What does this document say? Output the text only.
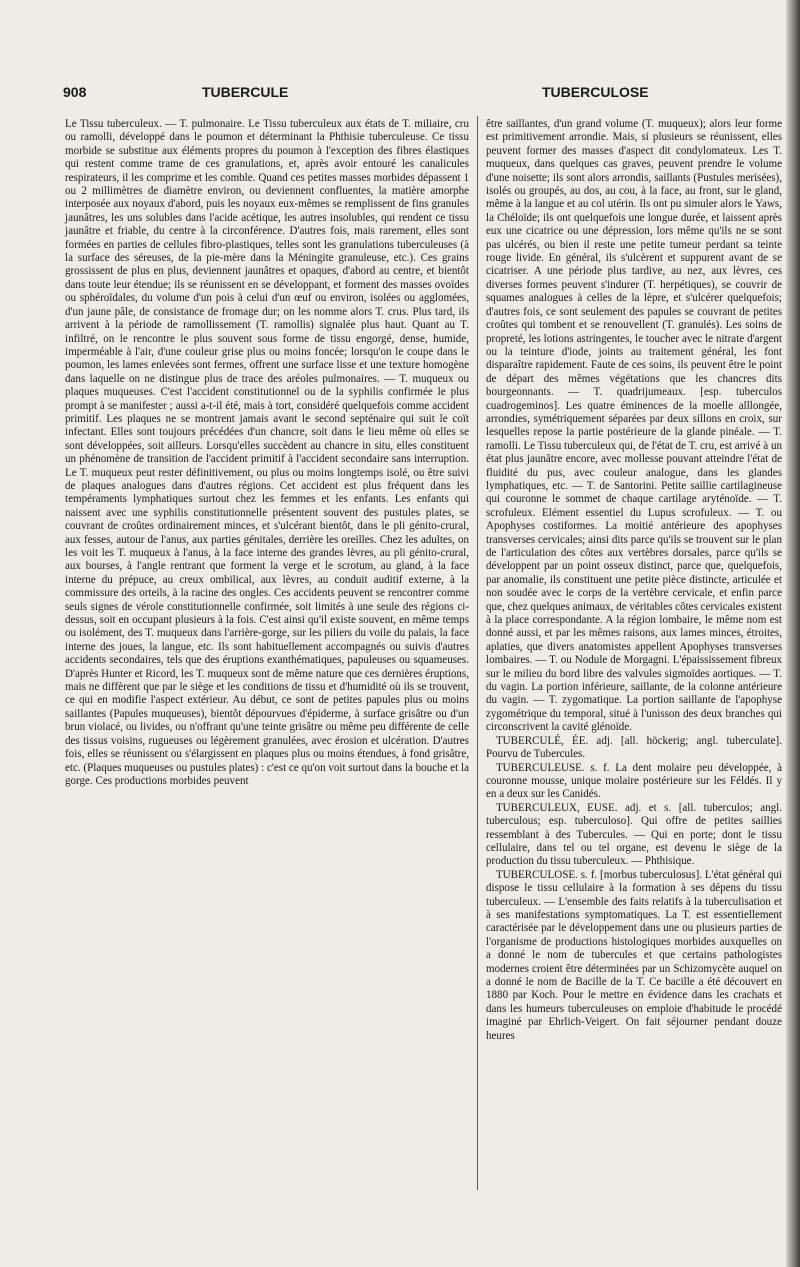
908	TUBERCULE	TUBERCULOSE

Le Tissu tuberculeux. — T. pulmonaire. Le Tissu tuberculeux aux états de T. miliaire, cru ou ramolli, développé dans le poumon et déterminant la Phthisie tuberculeuse. Ce tissu morbide se substitue aux éléments propres du poumon à l'exception des fibres élastiques qui restent comme trame de ces granulations, et, après avoir entouré les canalicules respirateurs, il les comprime et les comble. Quand ces petites masses morbides dépassent 1 ou 2 millimètres de diamètre environ, ou deviennent confluentes, la matière amorphe interposée aux noyaux d'abord, puis les noyaux eux-mêmes se remplissent de fins granules jaunâtres, les uns solubles dans l'acide acétique, les autres insolubles, qui rendent ce tissu jaunâtre et friable, du centre à la circonférence. D'autres fois, mais rarement, elles sont formées en parties de cellules fibro-plastiques, telles sont les granulations tuberculeuses (à la surface des séreuses, de la pie-mère dans la Méningite granuleuse, etc.). Ces grains grossissent de plus en plus, deviennent jaunâtres et opaques, d'abord au centre, et bientôt dans toute leur étendue; ils se réunissent en se développant, et forment des masses ovoïdes ou sphéroïdales, du volume d'un pois à celui d'un œuf ou environ, isolées ou agglomées, d'un jaune pâle, de consistance de fromage dur; on les nomme alors T. crus. Plus tard, ils arrivent à la période de ramollissement (T. ramollis) signalée plus haut. Quant au T. infiltré, on le rencontre le plus souvent sous forme de tissu engorgé, dense, humide, imperméable à l'air, d'une couleur grise plus ou moins foncée; lorsqu'on le coupe dans le poumon, les lames enlevées sont fermes, offrent une surface lisse et une texture homogène dans laquelle on ne distingue plus de trace des aréoles pulmonaires. — T. muqueux ou plaques muqueuses. C'est l'accident constitutionnel ou de la syphilis confirmée le plus prompt à se manifester ; aussi a-t-il été, mais à tort, considéré quelquefois comme accident primitif. Les plaques ne se montrent jamais avant le second septénaire qui suit le coït infectant. Elles sont toujours précédées d'un chancre, soit dans le lieu même où elles se sont développées, soit ailleurs. Lorsqu'elles succèdent au chancre in situ, elles constituent un phénomène de transition de l'accident primitif à l'accident secondaire sans interruption. Le T. muqueux peut rester définitivement, ou plus ou moins longtemps isolé, ou être suivi de plaques analogues dans d'autres régions. Cet accident est plus fréquent dans les tempéraments lymphatiques surtout chez les femmes et les enfants. Les enfants qui naissent avec une syphilis constitutionnelle présentent souvent des pustules plates, se couvrant de croûtes ordinairement minces, et s'ulcérant bientôt, dans le pli génito-crural, aux fesses, autour de l'anus, aux parties génitales, derrière les oreilles. Chez les adultes, on les voit les T. muqueux à l'anus, à la face interne des grandes lèvres, au pli génito-crural, aux bourses, à l'angle rentrant que forment la verge et le scrotum, au gland, à la face interne du prépuce, au creux ombilical, aux lèvres, au conduit auditif externe, à la commissure des orteils, à la racine des ongles. Ces accidents peuvent se rencontrer comme seuls signes de vérole constitutionnelle confirmée, soit limités à une seule des régions ci-dessus, soit en occupant plusieurs à la fois. C'est ainsi qu'il existe souvent, en même temps ou isolément, des T. muqueux dans l'arrière-gorge, sur les piliers du voile du palais, la face interne des joues, la langue, etc. Ils sont habituellement accompagnés ou suivis d'autres accidents secondaires, tels que des éruptions exanthématiques, papuleuses ou squameuses. D'après Hunter et Ricord, les T. muqueux sont de même nature que ces dernières éruptions, mais ne diffèrent que par le siège et les conditions de tissu et d'humidité où ils se trouvent, ce qui en modifie l'aspect extérieur. Au début, ce sont de petites papules plus ou moins saillantes (Papules muqueuses), bientôt dépourvues d'épiderme, à surface grisâtre ou d'un brun violacé, ou livides, ou n'offrant qu'une teinte grisâtre ou même peu différente de celle des tissus voisins, rugueuses ou légèrement granulées, avec érosion et ulcération. D'autres fois, elles se réunissent ou s'élargissent en plaques plus ou moins étendues, à fond grisâtre, etc. (Plaques muqueuses ou pustules plates) : c'est ce qu'on voit surtout dans la bouche et la gorge. Ces productions morbides peuvent

être saillantes, d'un grand volume (T. muqueux); alors leur forme est primitivement arrondie. Mais, si plusieurs se réunissent, elles peuvent former des masses d'aspect dit condylomateux. Les T. muqueux, dans quelques cas graves, peuvent prendre le volume d'une noisette; ils sont alors arrondis, saillants (Pustules merisées), isolés ou groupés, au dos, au cou, à la face, au front, sur le gland, même à la langue et au col utérin. Ils ont pu simuler alors le Yaws, la Chéloïde; ils ont quelquefois une longue durée, et laissent après eux une cicatrice ou une dépression, lors même qu'ils ne se sont pas ulcérés, ou bien il reste une petite tumeur perdant sa teinte rouge livide. En général, ils s'ulcèrent et suppurent avant de se cicatriser. A une période plus tardive, au nez, aux lèvres, ces diverses formes peuvent s'indurer (T. herpétiques), se couvrir de squames analogues à celles de la lèpre, et s'ulcérer quelquefois; d'autres fois, ce sont seulement des papules se couvrant de petites croûtes qui tombent et se renouvellent (T. granulés). Les soins de propreté, les lotions astringentes, le toucher avec le nitrate d'argent ou la teinture d'iode, joints au traitement général, les font disparaître rapidement. Faute de ces soins, ils peuvent être le point de départ des mêmes végétations que les chancres dits bourgeonnants. — T. quadrijumeaux. [esp. tuberculos cuadrogeminos]. Les quatre éminences de la moelle alllongée, arrondies, symétriquement séparées par deux sillons en croix, sur lesquelles repose la partie postérieure de la glande pinéale. — T. ramolli. Le Tissu tuberculeux qui, de l'état de T. cru, est arrivé à un état plus jaunâtre encore, avec mollesse pouvant atteindre l'état de fluidité du pus, avec couleur analogue, dans les glandes lymphatiques, etc. — T. de Santorini. Petite saillie cartilagineuse qui couronne le sommet de chaque cartilage aryténoïde. — T. scrofuleux. Elément essentiel du Lupus scrofuleux. — T. ou Apophyses costiformes. La moitié antérieure des apophyses transverses cervicales; ainsi dits parce qu'ils se trouvent sur le plan de l'articulation des côtes aux vertèbres dorsales, parce qu'ils se développent par un point osseux distinct, parce que, quelquefois, par anomalie, ils constituent une petite pièce distincte, articulée et non soudée avec le corps de la vertèbre cervicale, et enfin parce que, chez quelques animaux, de véritables côtes cervicales existent à la place correspondante. A la région lombaire, le même nom est donné aussi, et par les mêmes raisons, aux lames minces, étroites, aplaties, que divers anatomistes appellent Apophyses transverses lombaires. — T. ou Nodule de Morgagni. L'épaississement fibreux sur le milieu du bord libre des valvules sigmoïdes aortiques. — T. du vagin. La portion inférieure, saillante, de la colonne antérieure du vagin. — T. zygomatique. La portion saillante de l'apophyse zygométrique du temporal, situé à l'unisson des deux branches qui circonscrivent la cavité glénoïde.

TUBERCULÉ, ÉE. adj. [all. höckerig; angl. tuberculate]. Pourvu de Tubercules.

TUBERCULEUSE. s. f. La dent molaire peu développée, à couronne mousse, unique molaire postérieure sur les Féldés. Il y en a deux sur les Canidés.

TUBERCULEUX, EUSE. adj. et s. [all. tuberculos; angl. tuberculous; esp. tuberculoso]. Qui offre de petites saillies ressemblant à des Tubercules. — Qui en porte; dont le tissu cellulaire, dans tel ou tel organe, est devenu le siège de la production du tissu tuberculeux. — Phthisique.

TUBERCULOSE. s. f. [morbus tuberculosus]. L'état général qui dispose le tissu cellulaire à la formation à ses dépens du tissu tuberculeux. — L'ensemble des faits relatifs à la tuberculisation et à ses manifestations symptomatiques. La T. est essentiellement caractérisée par le développement dans une ou plusieurs parties de l'organisme de productions histologiques morbides auxquelles on a donné le nom de tubercules et que certains pathologistes modernes croient être déterminées par un Schizomycète auquel on a donné le nom de Bacille de la T. Ce bacille a été découvert en 1880 par Koch. Pour le mettre en évidence dans les crachats et dans les humeurs tuberculeuses on emploie d'habitude le procédé imaginé par Ehrlich-Veigert. On fait séjourner pendant douze heures
